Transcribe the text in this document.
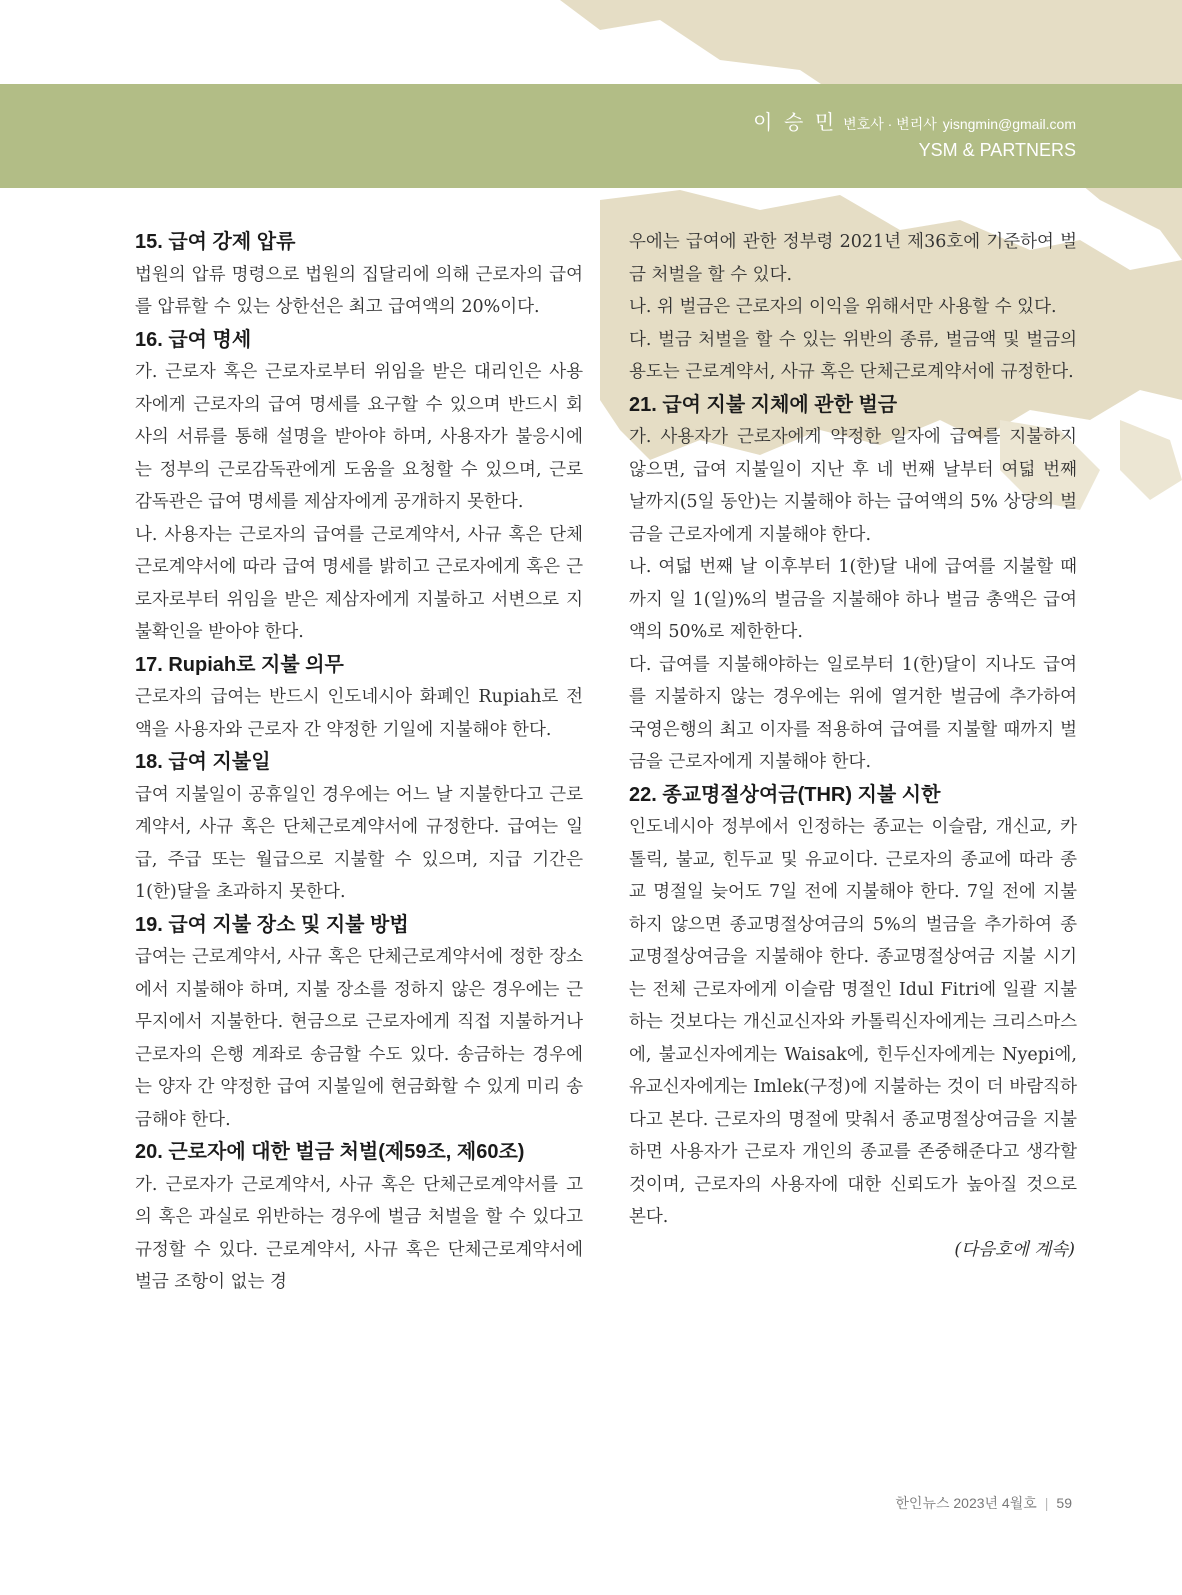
이 승 민 변호사 · 변리사 yisngmin@gmail.com
YSM & PARTNERS
15. 급여 강제 압류

법원의 압류 명령으로 법원의 집달리에 의해 근로자의 급여를 압류할 수 있는 상한선은 최고 급여액의 20%이다.

16. 급여 명세

가. 근로자 혹은 근로자로부터 위임을 받은 대리인은 사용자에게 근로자의 급여 명세를 요구할 수 있으며 반드시 회사의 서류를 통해 설명을 받아야 하며, 사용자가 불응시에는 정부의 근로감독관에게 도움을 요청할 수 있으며, 근로감독관은 급여 명세를 제삼자에게 공개하지 못한다.

나. 사용자는 근로자의 급여를 근로계약서, 사규 혹은 단체근로계약서에 따라 급여 명세를 밝히고 근로자에게 혹은 근로자로부터 위임을 받은 제삼자에게 지불하고 서변으로 지불확인을 받아야 한다.

17. Rupiah로 지불 의무

근로자의 급여는 반드시 인도네시아 화폐인 Rupiah로 전액을 사용자와 근로자 간 약정한 기일에 지불해야 한다.

18. 급여 지불일

급여 지불일이 공휴일인 경우에는 어느 날 지불한다고 근로계약서, 사규 혹은 단체근로계약서에 규정한다. 급여는 일급, 주급 또는 월급으로 지불할 수 있으며, 지급 기간은 1(한)달을 초과하지 못한다.

19. 급여 지불 장소 및 지불 방법

급여는 근로계약서, 사규 혹은 단체근로계약서에 정한 장소에서 지불해야 하며, 지불 장소를 정하지 않은 경우에는 근무지에서 지불한다. 현금으로 근로자에게 직접 지불하거나 근로자의 은행 계좌로 송금할 수도 있다. 송금하는 경우에는 양자 간 약정한 급여 지불일에 현금화할 수 있게 미리 송금해야 한다.

20. 근로자에 대한 벌금 처벌(제59조, 제60조)

가. 근로자가 근로계약서, 사규 혹은 단체근로계약서를 고의 혹은 과실로 위반하는 경우에 벌금 처벌을 할 수 있다고 규정할 수 있다. 근로계약서, 사규 혹은 단체근로계약서에 벌금 조항이 없는 경

우에는 급여에 관한 정부령 2021년 제36호에 기준하여 벌금 처벌을 할 수 있다.

나. 위 벌금은 근로자의 이익을 위해서만 사용할 수 있다.

다. 벌금 처벌을 할 수 있는 위반의 종류, 벌금액 및 벌금의 용도는 근로계약서, 사규 혹은 단체근로계약서에 규정한다.

21. 급여 지불 지체에 관한 벌금

가. 사용자가 근로자에게 약정한 일자에 급여를 지불하지 않으면, 급여 지불일이 지난 후 네 번째 날부터 여덟 번째 날까지(5일 동안)는 지불해야 하는 급여액의 5% 상당의 벌금을 근로자에게 지불해야 한다.

나. 여덟 번째 날 이후부터 1(한)달 내에 급여를 지불할 때까지 일 1(일)%의 벌금을 지불해야 하나 벌금 총액은 급여액의 50%로 제한한다.

다. 급여를 지불해야하는 일로부터 1(한)달이 지나도 급여를 지불하지 않는 경우에는 위에 열거한 벌금에 추가하여 국영은행의 최고 이자를 적용하여 급여를 지불할 때까지 벌금을 근로자에게 지불해야 한다.

22. 종교명절상여금(THR) 지불 시한

인도네시아 정부에서 인정하는 종교는 이슬람, 개신교, 카톨릭, 불교, 힌두교 및 유교이다. 근로자의 종교에 따라 종교 명절일 늦어도 7일 전에 지불해야 한다. 7일 전에 지불하지 않으면 종교명절상여금의 5%의 벌금을 추가하여 종교명절상여금을 지불해야 한다. 종교명절상여금 지불 시기는 전체 근로자에게 이슬람 명절인 Idul Fitri에 일괄 지불하는 것보다는 개신교신자와 카톨릭신자에게는 크리스마스에, 불교신자에게는 Waisak에, 힌두신자에게는 Nyepi에, 유교신자에게는 Imlek(구정)에 지불하는 것이 더 바람직하다고 본다. 근로자의 명절에 맞춰서 종교명절상여금을 지불하면 사용자가 근로자 개인의 종교를 존중해준다고 생각할 것이며, 근로자의 사용자에 대한 신뢰도가 높아질 것으로 본다.

(다음호에 계속)
한인뉴스 2023년 4월호 | 59
